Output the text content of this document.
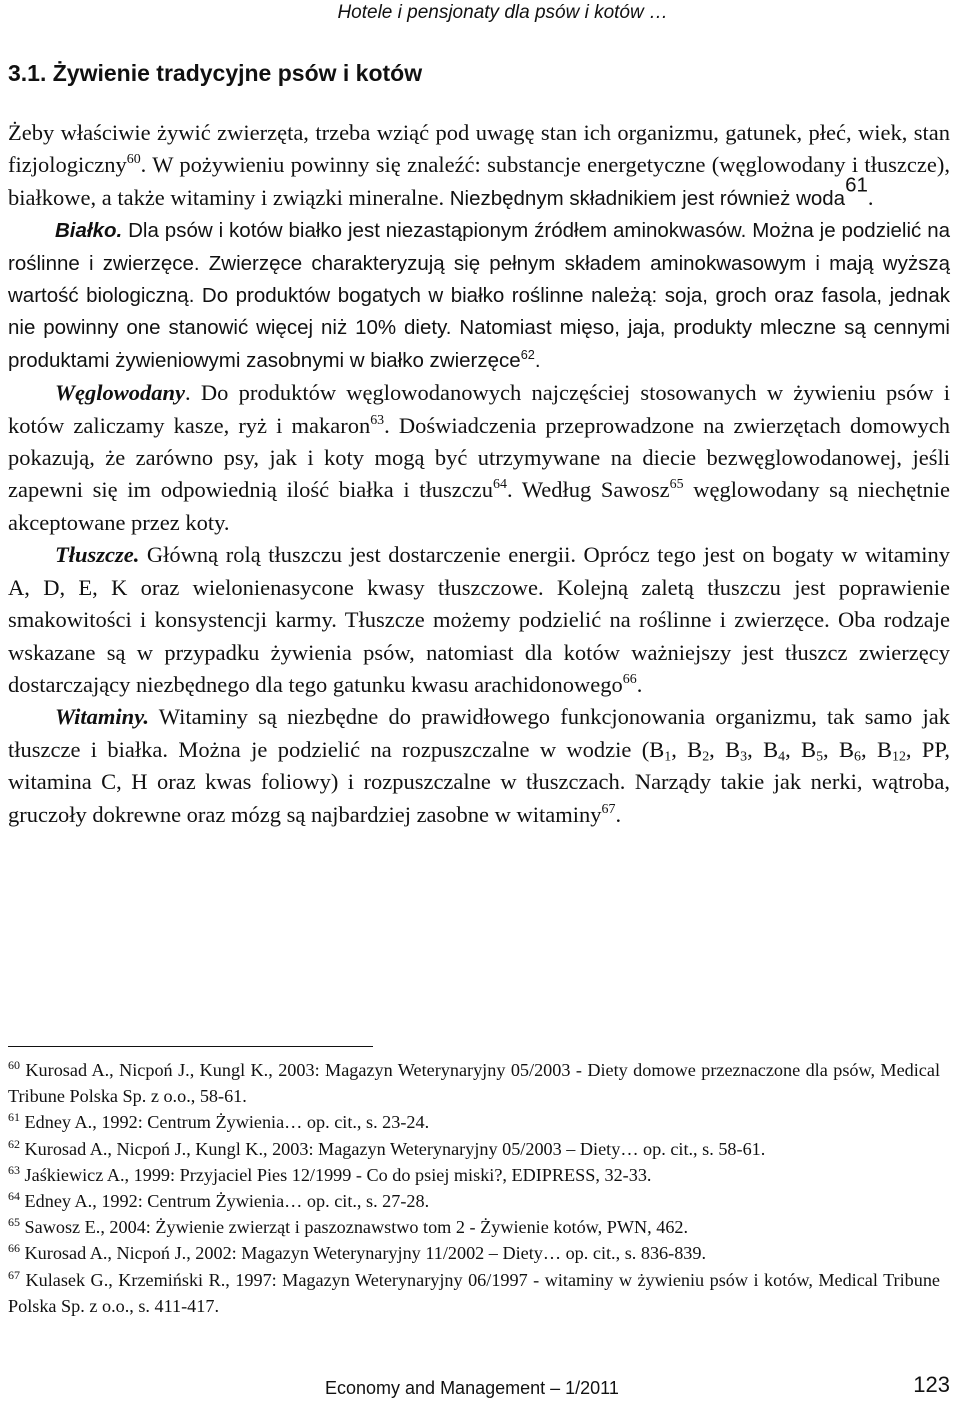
Hotele i pensjonaty dla psów i kotów …
3.1. Żywienie tradycyjne psów i kotów

Żeby właściwie żywić zwierzęta, trzeba wziąć pod uwagę stan ich organizmu, gatunek, płeć, wiek, stan fizjologiczny$^{60}$. W pożywieniu powinny się znaleźć: substancje energetyczne (węglowodany i tłuszcze), białkowe, a także witaminy i związki mineralne. Niezbędnym składnikiem jest również woda$^{61}$.

Białko. Dla psów i kotów białko jest niezastąpionym źródłem aminokwasów. Można je podzielić na roślinne i zwierzęce. Zwierzęce charakteryzują się pełnym składem aminokwasowym i mają wyższą wartość biologiczną. Do produktów bogatych w białko roślinne należą: soja, groch oraz fasola, jednak nie powinny one stanowić więcej niż 10% diety. Natomiast mięso, jaja, produkty mleczne są cennymi produktami żywieniowymi zasobnymi w białko zwierzęce$^{62}$.

Węglowodany. Do produktów węglowodanowych najczęściej stosowanych w żywieniu psów i kotów zaliczamy kasze, ryż i makaron$^{63}$. Doświadczenia przeprowadzone na zwierzętach domowych pokazują, że zarówno psy, jak i koty mogą być utrzymywane na diecie bezwęglowodanowej, jeśli zapewni się im odpowiednią ilość białka i tłuszczu$^{64}$. Według Sawosz$^{65}$ węglowodany są niechętnie akceptowane przez koty.

Tłuszcze. Główną rolą tłuszczu jest dostarczenie energii. Oprócz tego jest on bogaty w witaminy A, D, E, K oraz wielonienasycone kwasy tłuszczowe. Kolejną zaletą tłuszczu jest poprawienie smakowitości i konsystencji karmy. Tłuszcze możemy podzielić na roślinne i zwierzęce. Oba rodzaje wskazane są w przypadku żywienia psów, natomiast dla kotów ważniejszy jest tłuszcz zwierzęcy dostarczający niezbędnego dla tego gatunku kwasu arachidonowego$^{66}$.

Witaminy. Witaminy są niezbędne do prawidłowego funkcjonowania organizmu, tak samo jak tłuszcze i białka. Można je podzielić na rozpuszczalne w wodzie ($B_1$, $B_2$, $B_3$, $B_4$, $B_5$, $B_6$, $B_{12}$, PP, witamina C, H oraz kwas foliowy) i rozpuszczalne w tłuszczach. Narządy takie jak nerki, wątroba, gruczoły dokrewne oraz mózg są najbardziej zasobne w witaminy$^{67}$.

$^{60}$ Kurosad A., Nicpoń J., Kungl K., 2003: Magazyn Weterynaryjny 05/2003 - Diety domowe przeznaczone dla psów, Medical Tribune Polska Sp. z o.o., 58-61.

$^{61}$ Edney A., 1992: Centrum Żywienia… op. cit., s. 23-24.

$^{62}$ Kurosad A., Nicpoń J., Kungl K., 2003: Magazyn Weterynaryjny 05/2003 – Diety… op. cit., s. 58-61.

$^{63}$ Jaśkiewicz A., 1999: Przyjaciel Pies 12/1999 - Co do psiej miski?, EDIPRESS, 32-33.

$^{64}$ Edney A., 1992: Centrum Żywienia… op. cit., s. 27-28.

$^{65}$ Sawosz E., 2004: Żywienie zwierząt i paszoznawstwo tom 2 - Żywienie kotów, PWN, 462.

$^{66}$ Kurosad A., Nicpoń J., 2002: Magazyn Weterynaryjny 11/2002 – Diety… op. cit., s. 836-839.

$^{67}$ Kulasek G., Krzemiński R., 1997: Magazyn Weterynaryjny 06/1997 - witaminy w żywieniu psów i kotów, Medical Tribune Polska Sp. z o.o., s. 411-417.

Economy and Management – 1/2011	123
